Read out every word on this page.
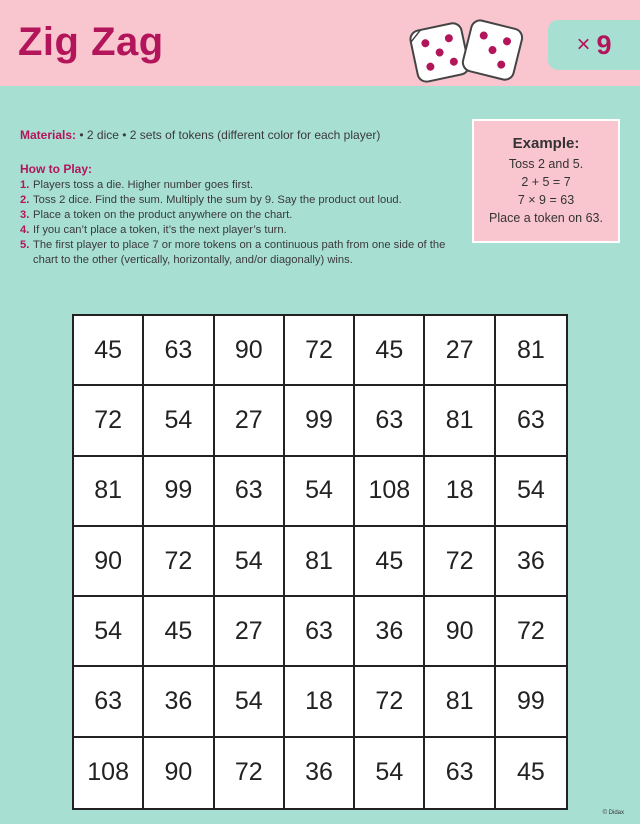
Zig Zag	× 9
Materials: • 2 dice • 2 sets of tokens (different color for each player)
How to Play:
1. Players toss a die. Higher number goes first.
2. Toss 2 dice. Find the sum. Multiply the sum by 9. Say the product out loud.
3. Place a token on the product anywhere on the chart.
4. If you can’t place a token, it’s the next player’s turn.
5. The first player to place 7 or more tokens on a continuous path from one side of the chart to the other (vertically, horizontally, and/or diagonally) wins.
Example:
Toss 2 and 5.
2 + 5 = 7
7 × 9 = 63
Place a token on 63.
45	63	90	72	45	27	81
72	54	27	99	63	81	63
81	99	63	54	108	18	54
90	72	54	81	45	72	36
54	45	27	63	36	90	72
63	36	54	18	72	81	99
108	90	72	36	54	63	45
© Didax
